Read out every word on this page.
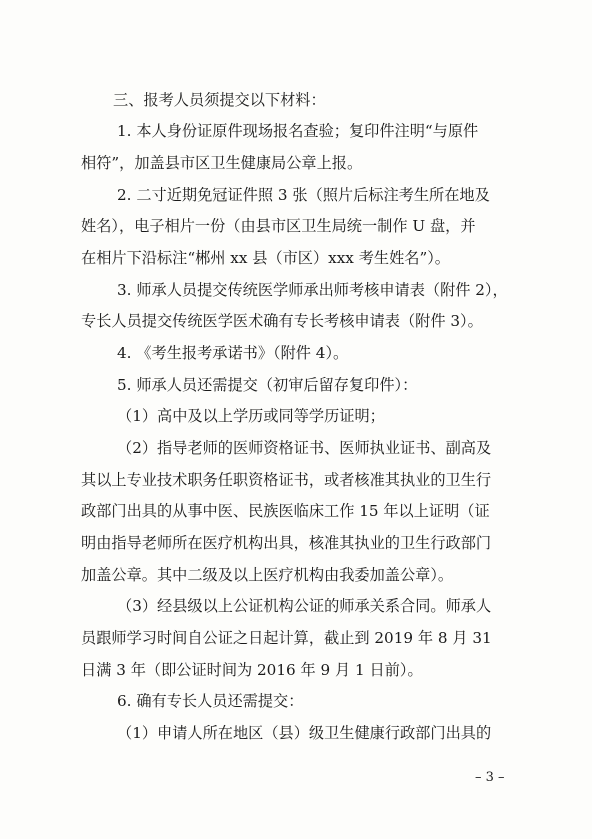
三、报考人员须提交以下材料：
1. 本人身份证原件现场报名查验；复印件注明“与原件
相符”，加盖县市区卫生健康局公章上报。
2. 二寸近期免冠证件照 3 张（照片后标注考生所在地及
姓名），电子相片一份（由县市区卫生局统一制作 U 盘，并
在相片下沿标注“郴州 xx 县（市区）xxx 考生姓名”）。
3. 师承人员提交传统医学师承出师考核申请表（附件 2），
专长人员提交传统医学医术确有专长考核申请表（附件 3）。
4. 《考生报考承诺书》（附件 4）。
5. 师承人员还需提交（初审后留存复印件）：
（1）高中及以上学历或同等学历证明；
（2）指导老师的医师资格证书、医师执业证书、副高及
其以上专业技术职务任职资格证书，或者核准其执业的卫生行
政部门出具的从事中医、民族医临床工作 15 年以上证明（证
明由指导老师所在医疗机构出具，核准其执业的卫生行政部门
加盖公章。其中二级及以上医疗机构由我委加盖公章）。
（3）经县级以上公证机构公证的师承关系合同。师承人
员跟师学习时间自公证之日起计算，截止到 2019 年 8 月 31
日满 3 年（即公证时间为 2016 年 9 月 1 日前）。
6. 确有专长人员还需提交：
（1）申请人所在地区（县）级卫生健康行政部门出具的
– 3 –
